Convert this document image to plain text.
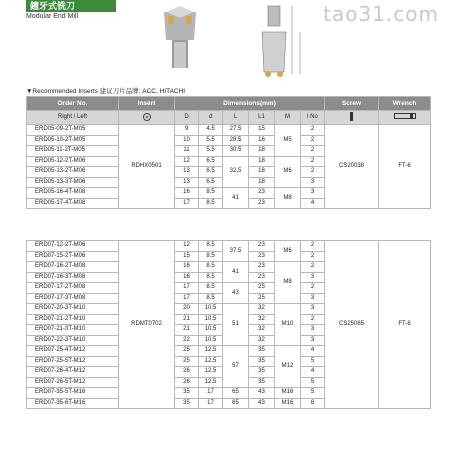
鐘牙式铣刀
Modular End Mill	tao31.com
▼Recommended Inserts 建议刀片品牌: ACC, HITACHI
Order No.	Insert	Dimensions(mm)						Screw	Wrench
Right / Left		D	d	L	L1	M	l No		
ERD05-09-2T-M05	RDHX0501	9	4.5	27.5	15	M5	2	CS20038	FT-6
ERD05-10-2T-M05		10	5.5	28.5	16		2		
ERD05-11-2T-M05		11	5.5	30.5	18		2		
ERD05-12-2T-M06		12	6.5	32.5	18	M6	2		
ERD05-13-2T-M06		13	6.5		18		2		
ERD05-13-3T-M06		13	6.5		18		3		
ERD05-16-4T-M08		16	8.5	41	23	M8	3		
ERD05-17-4T-M08		17	8.5		23		4		
ERD07-12-2T-M06	RDMT0702	12	8.5	37.5	23	M6	2	CS25065	FT-8
ERD07-15-2T-M06		15	8.5		23		2		
ERD07-16-2T-M08		16	8.5	41	23	M8	2		
ERD07-16-3T-M08		16	8.5		23		3		
ERD07-17-2T-M08		17	8.5	43	25		2		
ERD07-17-3T-M08		17	8.5		25		3		
ERD07-20-3T-M10		20	10.5	51	32	M10	3		
ERD07-21-2T-M10		21	10.5		32		2		
ERD07-21-3T-M10		21	10.5		32		3		
ERD07-22-3T-M10		22	10.5		32		3		
ERD07-25-4T-M12		25	12.5	57	35	M12	4		
ERD07-25-5T-M12		25	12.5		35		5		
ERD07-26-4T-M12		26	12.5		35		4		
ERD07-26-5T-M12		26	12.5		35		5		
ERD07-35-5T-M16		35	17	65	43	M16	5		
ERD07-35-6T-M16		35	17	65	43	M16	6		
